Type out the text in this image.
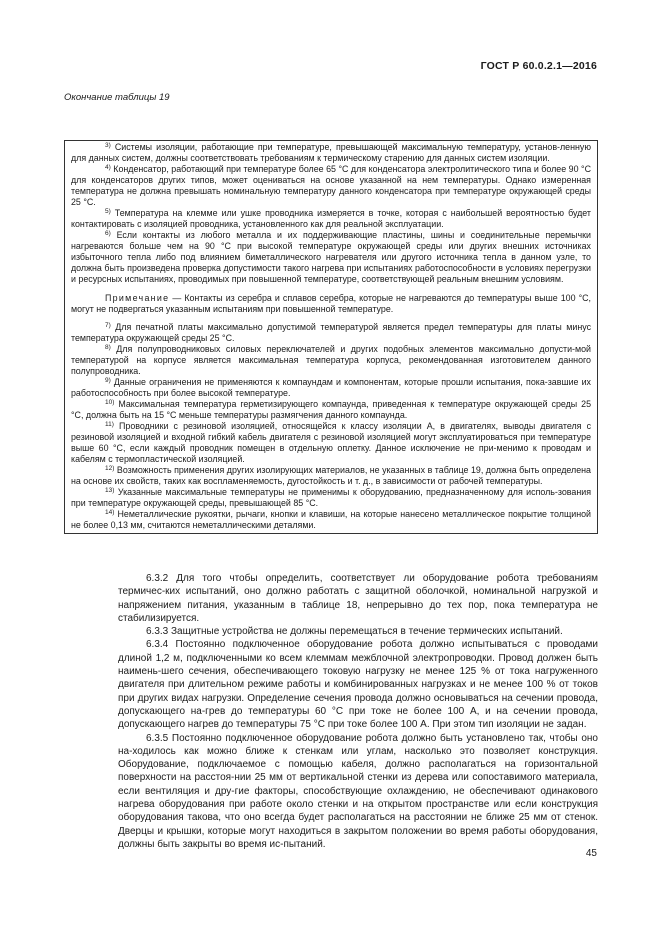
ГОСТ Р 60.0.2.1—2016
Окончание таблицы 19

$^{3)}$ Системы изоляции, работающие при температуре, превышающей максимальную температуру, установ-ленную для данных систем, должны соответствовать требованиям к термическому старению для данных систем изоляции.

$^{4)}$ Конденсатор, работающий при температуре более 65 °С для конденсатора электролитического типа и более 90 °С для конденсаторов других типов, может оцениваться на основе указанной на нем температуры. Однако измеренная температура не должна превышать номинальную температуру данного конденсатора при температуре окружающей среды 25 °С.

$^{5)}$ Температура на клемме или ушке проводника измеряется в точке, которая с наибольшей вероятностью будет контактировать с изоляцией проводника, установленного как для реальной эксплуатации.

$^{6)}$ Если контакты из любого металла и их поддерживающие пластины, шины и соединительные перемычки нагреваются больше чем на 90 °С при высокой температуре окружающей среды или других внешних источниках избыточного тепла либо под влиянием биметаллического нагревателя или другого источника тепла в данном узле, то должна быть произведена проверка допустимости такого нагрева при испытаниях работоспособности в условиях перегрузки и ресурсных испытаниях, проводимых при повышенной температуре, соответствующей реальным внешним условиям.

Примечание — Контакты из серебра и сплавов серебра, которые не нагреваются до температуры выше 100 °С, могут не подвергаться указанным испытаниям при повышенной температуре.

$^{7)}$ Для печатной платы максимально допустимой температурой является предел температуры для платы минус температура окружающей среды 25 °С.

$^{8)}$ Для полупроводниковых силовых переключателей и других подобных элементов максимально допусти-мой температурой на корпусе является максимальная температура корпуса, рекомендованная изготовителем данного полупроводника.

$^{9)}$ Данные ограничения не применяются к компаундам и компонентам, которые прошли испытания, пока-завшие их работоспособность при более высокой температуре.

$^{10)}$ Максимальная температура герметизирующего компаунда, приведенная к температуре окружающей среды 25 °С, должна быть на 15 °С меньше температуры размягчения данного компаунда.

$^{11)}$ Проводники с резиновой изоляцией, относящейся к классу изоляции А, в двигателях, выводы двигателя с резиновой изоляцией и входной гибкий кабель двигателя с резиновой изоляцией могут эксплуатироваться при температуре выше 60 °С, если каждый проводник помещен в отдельную оплетку. Данное исключение не при-менимо к проводам и кабелям с термопластической изоляцией.

$^{12)}$ Возможность применения других изолирующих материалов, не указанных в таблице 19, должна быть определена на основе их свойств, таких как воспламеняемость, дугостойкость и т. д., в зависимости от рабочей температуры.

$^{13)}$ Указанные максимальные температуры не применимы к оборудованию, предназначенному для исполь-зования при температуре окружающей среды, превышающей 85 °С.

$^{14)}$ Неметаллические рукоятки, рычаги, кнопки и клавиши, на которые нанесено металлическое покрытие толщиной не более 0,13 мм, считаются неметаллическими деталями.

6.3.2 Для того чтобы определить, соответствует ли оборудование робота требованиям термичес-ких испытаний, оно должно работать с защитной оболочкой, номинальной нагрузкой и напряжением питания, указанным в таблице 18, непрерывно до тех пор, пока температура не стабилизируется.

6.3.3 Защитные устройства не должны перемещаться в течение термических испытаний.

6.3.4 Постоянно подключенное оборудование робота должно испытываться с проводами длиной 1,2 м, подключенными ко всем клеммам межблочной электропроводки. Провод должен быть наимень-шего сечения, обеспечивающего токовую нагрузку не менее 125 % от тока нагруженного двигателя при длительном режиме работы и комбинированных нагрузках и не менее 100 % от токов при других видах нагрузки. Определение сечения провода должно основываться на сечении провода, допускающего на-грев до температуры 60 °С при токе не более 100 А, и на сечении провода, допускающего нагрев до температуры 75 °С при токе более 100 А. При этом тип изоляции не задан.

6.3.5 Постоянно подключенное оборудование робота должно быть установлено так, чтобы оно на-ходилось как можно ближе к стенкам или углам, насколько это позволяет конструкция. Оборудование, подключаемое с помощью кабеля, должно располагаться на горизонтальной поверхности на расстоя-нии 25 мм от вертикальной стенки из дерева или сопоставимого материала, если вентиляция и дру-гие факторы, способствующие охлаждению, не обеспечивают одинакового нагрева оборудования при работе около стенки и на открытом пространстве или если конструкция оборудования такова, что оно всегда будет располагаться на расстоянии не ближе 25 мм от стенок. Дверцы и крышки, которые могут находиться в закрытом положении во время работы оборудования, должны быть закрыты во время ис-пытаний.

45
